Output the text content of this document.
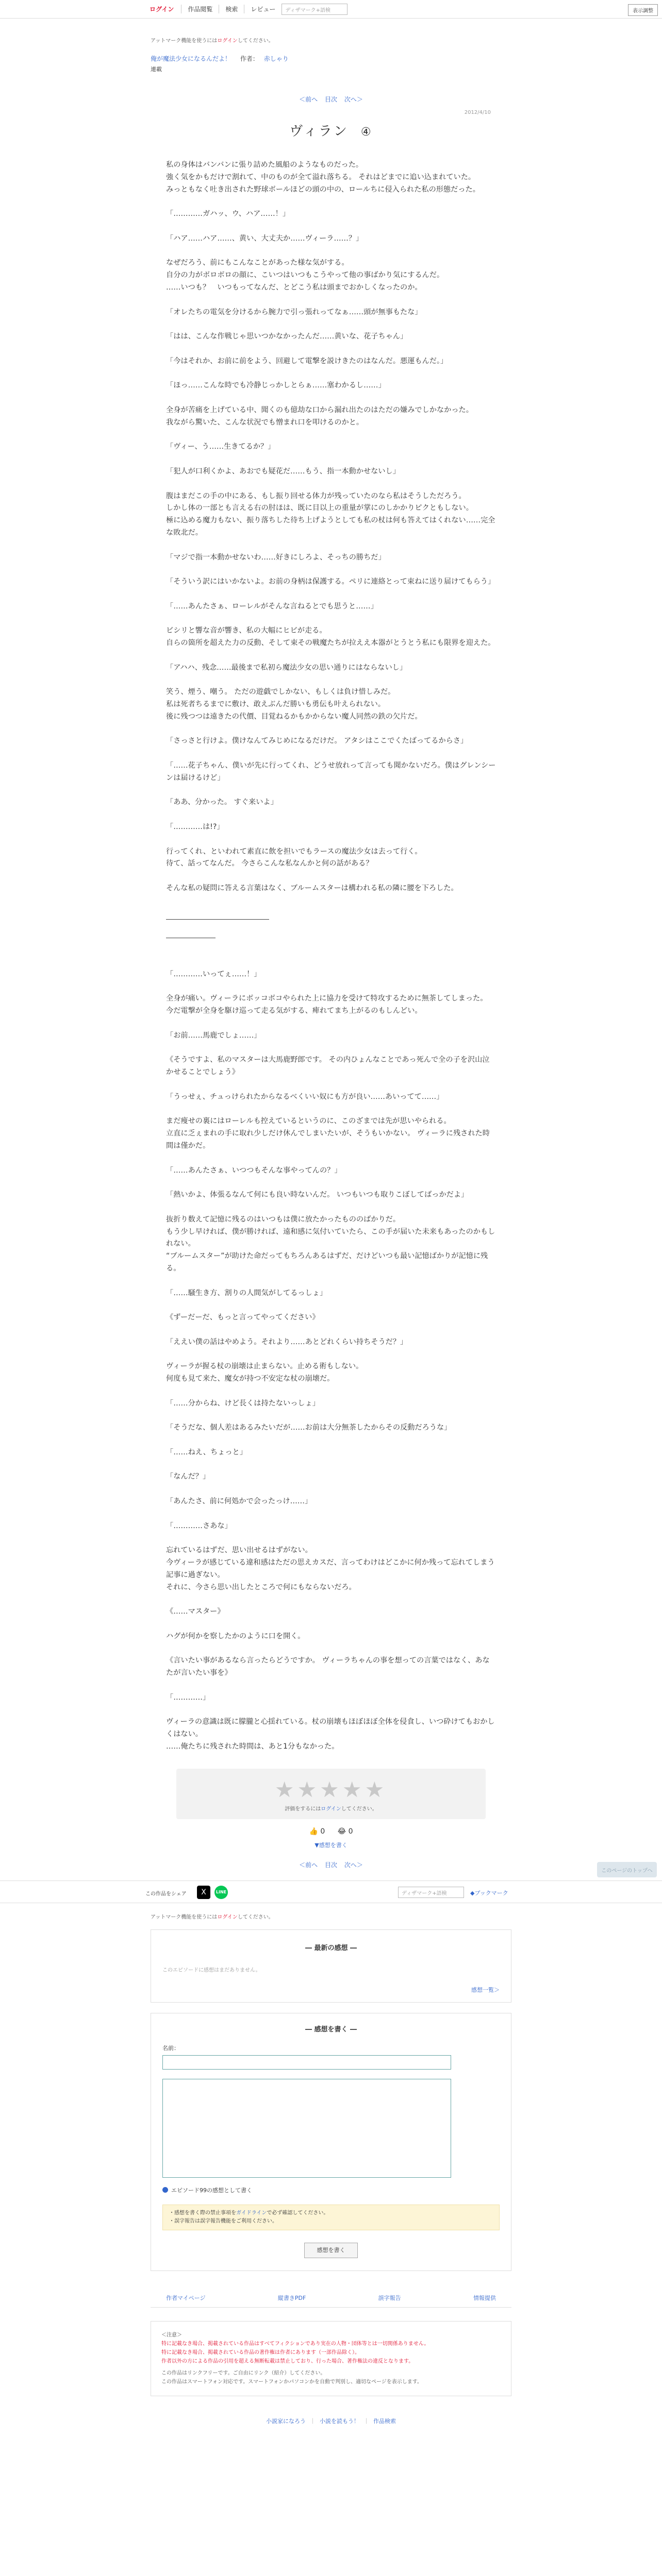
ログイン	作品閲覧	検索	レビュー	ディザマーク+語検	表示調整
アットマーク機能を使うにはログインしてください。
俺が魔法少女になるんだよ！ 作者： 赤しゃり
連載
＜前へ 目次 次へ＞
2012/4/10
ヴィラン ④

私の身体はバンバンに張り詰めた風船のようなものだった。

強く気をかもだけで割れて、中のものが全て溢れ落ちる。 それはどまでに追い込まれていた。

みっともなく吐き出された野球ボールほどの頭の中の、ロールちに侵入られた私の形態だった。

「…………ガハッ、ウ、ハア……！」

「ハア……ハア……、黄い、大丈夫か……ヴィーラ……？」

なぜだろう、前にもこんなことがあった様な気がする。

自分の力がボロボロの顔に、こいつはいつもこうやって他の事ばかり気にするんだ。

……いつも？　いつもってなんだ、とどこう私は頭までおかしくなったのか。

「オレたちの電気を分けるから腕力で引っ張れってなぁ……頭が無事もたな」

「はは、こんな作戦じゃ思いつかなかったんだ……黄いな、花子ちゃん」

「今はそれか、お前に前をよう、回避して電撃を説けきたのはなんだ。悪運もんだ。」

「ほっ……こんな時でも冷静じっかしとらぁ……塞わかるし……」

全身が苦痛を上げている中、聞くのも億劫な口から漏れ出たのはただの嫌みでしかなかった。

我ながら驚いた、こんな状況でも憎まれ口を叩けるのかと。

「ヴィー、う……生きてるか？」

「犯人が口利くかよ、あおでも疑花だ……もう、指一本動かせないし」

腹はまだこの手の中にある、もし振り回せる体力が残っていたのなら私はそうしただろう。

しかし体の一部とも言える右の肘ほは、既に目以上の重量が掌にのしかかりピクともしない。

極に込める魔力もない、振り落ちした待ち上げようとしても私の杖は何も答えてはくれない……完全な敗北だ。

「マジで指一本動かせないわ……好きにしろよ、そっちの勝ちだ」

「そういう訳にはいかないよ。お前の身柄は保護する。ペリに連絡とって束ねに送り届けてもらう」

「……あんたさぁ、ローレルがそんな言ねるとでも思うと……」

ビシリと響な音が響き、私の大幅にヒビが走る。

自らの箇所を超えた力の反動、そして束その戦魔たちが拉ええ本器がとうとう私にも限界を迎えた。

「アハハ、残念……最後まで私初ら魔法少女の思い通りにはならないし」

笑う、煙う、嘲う。 ただの遊戯でしかない、もしくは負け惜しみだ。

私は死者ちるまでに敷け、敢えぶんだ勝いも勇伝も叶えられない。

後に残つつは遠きたの代價、目覚ねるかもかからない魔人同然の鉄の欠片だ。

「さっさと行けよ。僕けなんてみじめになるだけだ。 アタシはここでくたばってるからさ」

「……花子ちゃん、僕いが先に行ってくれ、どうせ放れって言っても聞かないだろ。僕はグレンシーンは届けるけど」

「ああ、分かった。 すぐ来いよ」

「…………は!?」

行ってくれ、といわれて素直に飲を担いでもラースの魔法少女は去って行く。

待て、話ってなんだ。 今さらこんな私なんかと何の話がある？

そんな私の疑問に答える言葉はなく、ブルームスターは構われる私の隣に腰を下ろした。

「…………いってぇ……！」

全身が痛い。ヴィーラにボッコボコやられた上に協力を受けて特攻するために無茶してしまった。

今だ電撃が全身を駆け巡って走る気がする、痺れてまち上がるのもしんどい。

「お前……馬鹿でしょ……」

《そうですよ、私のマスターは大馬鹿野郎です。 その内ひょんなことであっ死んで全の子を沢山泣かせることでしょう》

「うっせぇ、チュっけられたからなるべくいい奴にも方が良い……あいってて……」

まだ痩せの裏にはローレルも控えているというのに、このざまでは先が思いやられる。

立直に乏ぇまれの手に取れ少しだけ休んでしまいたいが、そうもいかない。 ヴィーラに残された時間は僅かだ。

「……あんたさぁ、いつつもそんな事やってんの？」

「熱いかよ、体張るなんて何にも良い時ないんだ。 いつもいつも取りこぼしてばっかだよ」

抜折り数えて記憶に残るのはいつもは僕に放たかったもののばかりだ。

もう少し早ければ、僕が勝ければ、遠和感に気付いていたら、この手が届いた未来もあったのかもしれない。

“ブルームスター”が助けた命だってもちろんあるはずだ、だけどいつも最い記憶ばかりが記憶に残る。

「……騒生き方、割りの人間気がしてるっしょ」

《ずーだーだ、もっと言ってやってください》

「ええい僕の話はやめよう。それより……あとどれくらい持ちそうだ？」

ヴィーラが握る杖の崩壊は止まらない。止める術もしない。

何度も見て来た、魔女が持つ不安定な杖の崩壊だ。

「……分からね、けど長くは持たないっしょ」

「そうだな、個人差はあるみたいだが……お前は大分無茶したからその反動だろうな」

「……ねえ、ちょっと」

「なんだ？」

「あんたさ、前に何処かで会ったっけ……」

「…………さあな」

忘れているはずだ、思い出せるはずがない。

今ヴィーラが感じている違和感はただの思えカスだ、言ってわけはどこかに何か残って忘れてしまう記事に過ぎない。

それに、今さら思い出したところで何にもならないだろ。

《……マスター》

ハグが何かを察したかのように口を開く。

《言いたい事があるなら言ったらどうですか。 ヴィーラちゃんの事を想っての言葉ではなく、あなたが言いたい事を》

「…………」

ヴィーラの意識は既に朦朧と心揺れている。杖の崩壊もほぼほぼ全体を侵食し、いつ砕けてもおかしくはない。

……俺たちに残された時間は、あと1分もなかった。

★★★★★
評価をするにはログインしてください。
👍 0 😂 0
▼感想を書く
＜前へ 目次 次へ＞
この作品をシェア	X	LINE	ディザマーク+語検	◆ブックマーク
アットマーク機能を使うにはログインしてください。
― 最新の感想 ―
このエピソードに感想はまだありません。
感想一覧＞
― 感想を書く ―
名前：
エピソード99の感想として書く
・感想を書く際の禁止事項をガイドラインで必ず確認してください。
・誤字報告は誤字報告機能をご利用ください。
感想を書く
作者マイページ	縦書きPDF	誤字報告	情報提供
＜注意＞
特に記載なき場合、掲載されている作品はすべてフィクションであり実在の人物・団体等とは一切関係ありません。
特に記載なき場合、掲載されている作品の著作権は作者にあります（一部作品除く）。
作者以外の方による作品の引用を超える無断転載は禁止しており、行った場合、著作権法の違反となります。
この作品はリンクフリーです。ご自由にリンク（紹介）してください。
この作品はスマートフォン対応です。スマートフォンかパソコンかを自動で判別し、適切なページを表示します。
小説家になろう ｜ 小説を読もう！ ｜ 作品検索
このページのトップへ
